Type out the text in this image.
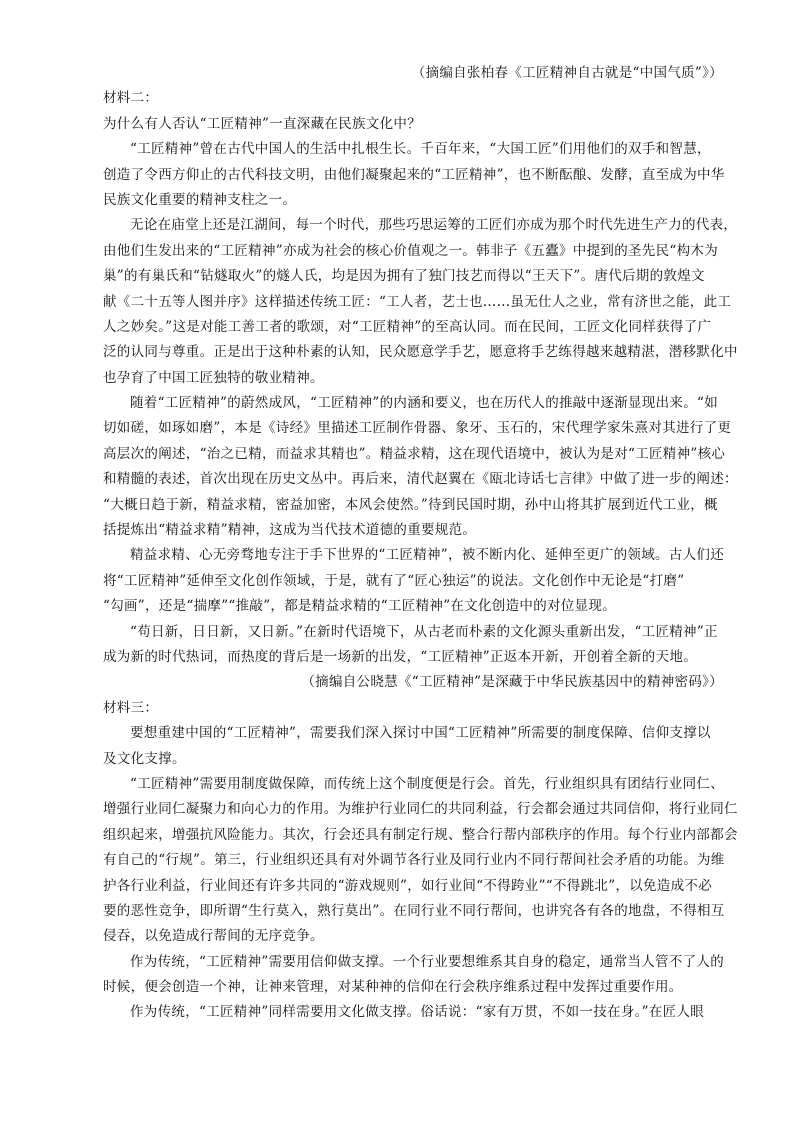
（摘编自张柏春《工匠精神自古就是“中国气质”》）
材料二：
为什么有人否认“工匠精神”一直深藏在民族文化中？
“工匠精神”曾在古代中国人的生活中扎根生长。千百年来，“大国工匠”们用他们的双手和智慧，
创造了令西方仰止的古代科技文明，由他们凝聚起来的“工匠精神”，也不断酝酿、发酵，直至成为中华
民族文化重要的精神支柱之一。
无论在庙堂上还是江湖间，每一个时代，那些巧思运筹的工匠们亦成为那个时代先进生产力的代表，
由他们生发出来的“工匠精神”亦成为社会的核心价值观之一。韩非子《五蠹》中提到的圣先民“构木为
巢”的有巢氏和“钻燧取火”的燧人氏，均是因为拥有了独门技艺而得以“王天下”。唐代后期的敦煌文
献《二十五等人图并序》这样描述传统工匠：“工人者，艺士也……虽无仕人之业，常有济世之能，此工
人之妙矣。”这是对能工善工者的歌颂，对“工匠精神”的至高认同。而在民间，工匠文化同样获得了广
泛的认同与尊重。正是出于这种朴素的认知，民众愿意学手艺，愿意将手艺练得越来越精湛，潜移默化中
也孕育了中国工匠独特的敬业精神。
随着“工匠精神”的蔚然成风，“工匠精神”的内涵和要义，也在历代人的推敲中逐渐显现出来。“如
切如磋，如琢如磨”，本是《诗经》里描述工匠制作骨器、象牙、玉石的，宋代理学家朱熹对其进行了更
高层次的阐述，“治之已精，而益求其精也”。精益求精，这在现代语境中，被认为是对“工匠精神”核心
和精髓的表述，首次出现在历史文丛中。再后来，清代赵翼在《瓯北诗话七言律》中做了进一步的阐述：
“大概日趋于新，精益求精，密益加密，本风会使然。”待到民国时期，孙中山将其扩展到近代工业，概
括提炼出“精益求精”精神，这成为当代技术道德的重要规范。
精益求精、心无旁骛地专注于手下世界的“工匠精神”，被不断内化、延伸至更广的领域。古人们还
将“工匠精神”延伸至文化创作领域，于是，就有了“匠心独运”的说法。文化创作中无论是“打磨”
“勾画”，还是“揣摩”“推敲”，都是精益求精的“工匠精神”在文化创造中的对位显现。
“苟日新，日日新，又日新。”在新时代语境下，从古老而朴素的文化源头重新出发，“工匠精神”正
成为新的时代热词，而热度的背后是一场新的出发，“工匠精神”正返本开新，开创着全新的天地。
（摘编自公晓慧《“工匠精神”是深藏于中华民族基因中的精神密码》）
材料三：
要想重建中国的“工匠精神”，需要我们深入探讨中国“工匠精神”所需要的制度保障、信仰支撑以
及文化支撑。
“工匠精神”需要用制度做保障，而传统上这个制度便是行会。首先，行业组织具有团结行业同仁、
增强行业同仁凝聚力和向心力的作用。为维护行业同仁的共同利益，行会都会通过共同信仰，将行业同仁
组织起来，增强抗风险能力。其次，行会还具有制定行规、整合行帮内部秩序的作用。每个行业内部都会
有自己的“行规”。第三，行业组织还具有对外调节各行业及同行业内不同行帮间社会矛盾的功能。为维
护各行业利益，行业间还有许多共同的“游戏规则”，如行业间“不得跨业”“不得跳北”，以免造成不必
要的恶性竞争，即所谓“生行莫入，熟行莫出”。在同行业不同行帮间，也讲究各有各的地盘，不得相互
侵吞，以免造成行帮间的无序竞争。
作为传统，“工匠精神”需要用信仰做支撑。一个行业要想维系其自身的稳定，通常当人管不了人的
时候，便会创造一个神，让神来管理，对某种神的信仰在行会秩序维系过程中发挥过重要作用。
作为传统，“工匠精神”同样需要用文化做支撑。俗话说：“家有万贯，不如一技在身。”在匠人眼
